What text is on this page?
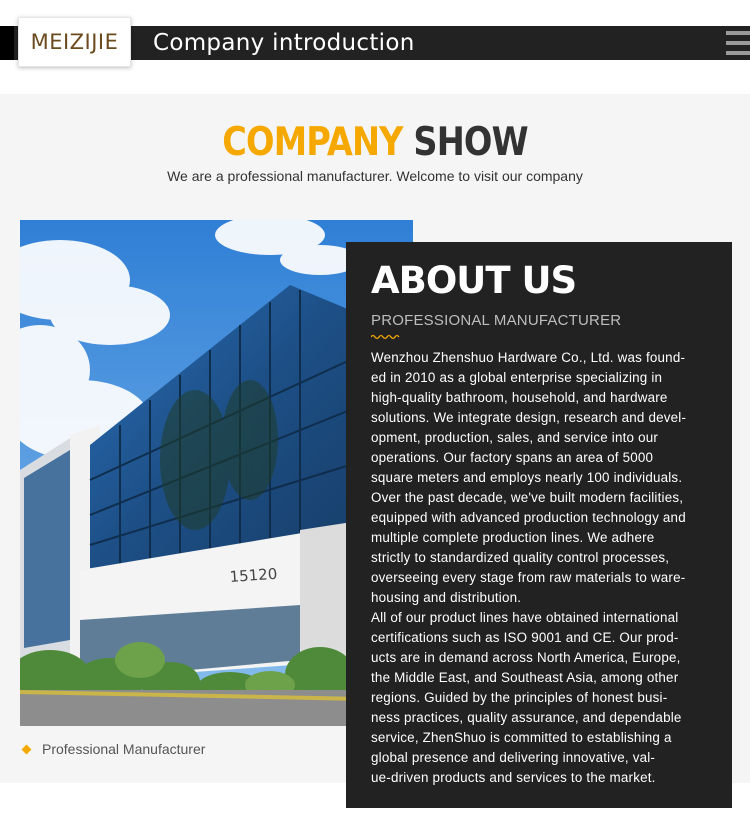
Company introduction
MEIZIJIE
COMPANY SHOW
We are a professional manufacturer. Welcome to visit our company
15120
Professional Manufacturer
ABOUT US
PROFESSIONAL MANUFACTURER

Wenzhou Zhenshuo Hardware Co., Ltd. was found-

ed in 2010 as a global enterprise specializing in

high-quality bathroom, household, and hardware

solutions. We integrate design, research and devel-

opment, production, sales, and service into our

operations. Our factory spans an area of 5000

square meters and employs nearly 100 individuals.

Over the past decade, we've built modern facilities,

equipped with advanced production technology and

multiple complete production lines. We adhere

strictly to standardized quality control processes,

overseeing every stage from raw materials to ware-

housing and distribution.

All of our product lines have obtained international

certifications such as ISO 9001 and CE. Our prod-

ucts are in demand across North America, Europe,

the Middle East, and Southeast Asia, among other

regions. Guided by the principles of honest busi-

ness practices, quality assurance, and dependable

service, ZhenShuo is committed to establishing a

global presence and delivering innovative, val-

ue-driven products and services to the market.
